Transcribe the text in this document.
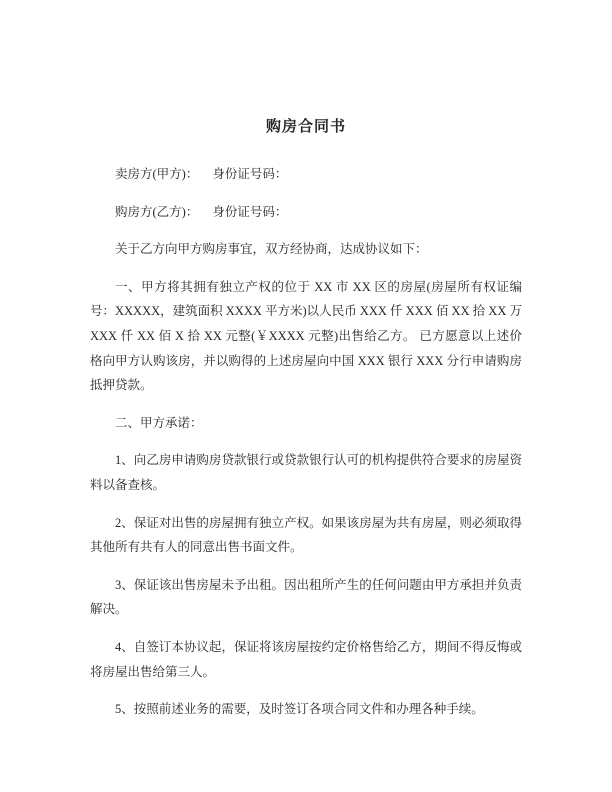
购房合同书

卖房方(甲方)： 身份证号码：

购房方(乙方)： 身份证号码：

关于乙方向甲方购房事宜，双方经协商，达成协议如下：

一、甲方将其拥有独立产权的位于 XX 市 XX 区的房屋(房屋所有权证编号：XXXXX，建筑面积 XXXX 平方米)以人民币 XXX 仟 XXX 佰 XX 拾 XX 万 XXX 仟 XX 佰 X 拾 XX 元整(￥XXXX 元整)出售给乙方。 已方愿意以上述价格向甲方认购该房，并以购得的上述房屋向中国 XXX 银行 XXX 分行申请购房抵押贷款。

二、甲方承诺：

1、向乙房申请购房贷款银行或贷款银行认可的机构提供符合要求的房屋资料以备查核。

2、保证对出售的房屋拥有独立产权。如果该房屋为共有房屋，则必须取得其他所有共有人的同意出售书面文件。

3、保证该出售房屋未予出租。因出租所产生的任何问题由甲方承担并负责解决。

4、自签订本协议起，保证将该房屋按约定价格售给乙方，期间不得反悔或将房屋出售给第三人。

5、按照前述业务的需要，及时签订各项合同文件和办理各种手续。
